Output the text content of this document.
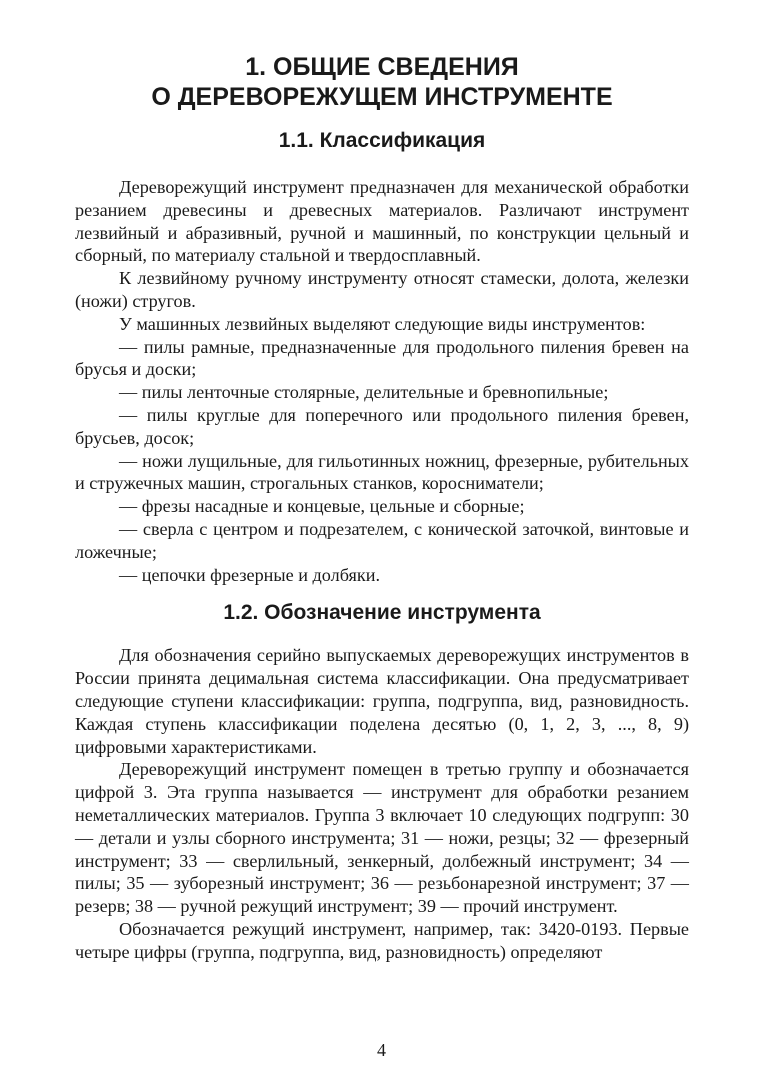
1. ОБЩИЕ СВЕДЕНИЯ
О ДЕРЕВОРЕЖУЩЕМ ИНСТРУМЕНТЕ
1.1. Классификация

Дереворежущий инструмент предназначен для механической обработки резанием древесины и древесных материалов. Различают инструмент лезвийный и абразивный, ручной и машинный, по конструкции цельный и сборный, по материалу стальной и твердосплавный.

К лезвийному ручному инструменту относят стамески, долота, железки (ножи) стругов.

У машинных лезвийных выделяют следующие виды инструментов:

— пилы рамные, предназначенные для продольного пиления бревен на брусья и доски;

— пилы ленточные столярные, делительные и бревнопильные;

— пилы круглые для поперечного или продольного пиления бревен, брусьев, досок;

— ножи лущильные, для гильотинных ножниц, фрезерные, рубительных и стружечных машин, строгальных станков, коросниматели;

— фрезы насадные и концевые, цельные и сборные;

— сверла с центром и подрезателем, с конической заточкой, винтовые и ложечные;

— цепочки фрезерные и долбяки.

1.2. Обозначение инструмента

Для обозначения серийно выпускаемых дереворежущих инструментов в России принята децимальная система классификации. Она предусматривает следующие ступени классификации: группа, подгруппа, вид, разновидность. Каждая ступень классификации поделена десятью (0, 1, 2, 3, ..., 8, 9) цифровыми характеристиками.

Дереворежущий инструмент помещен в третью группу и обозначается цифрой 3. Эта группа называется — инструмент для обработки резанием неметаллических материалов. Группа 3 включает 10 следующих подгрупп: 30 — детали и узлы сборного инструмента; 31 — ножи, резцы; 32 — фрезерный инструмент; 33 — сверлильный, зенкерный, долбежный инструмент; 34 — пилы; 35 — зуборезный инструмент; 36 — резьбонарезной инструмент; 37 — резерв; 38 — ручной режущий инструмент; 39 — прочий инструмент.

Обозначается режущий инструмент, например, так: 3420-0193. Первые четыре цифры (группа, подгруппа, вид, разновидность) определяют

4
